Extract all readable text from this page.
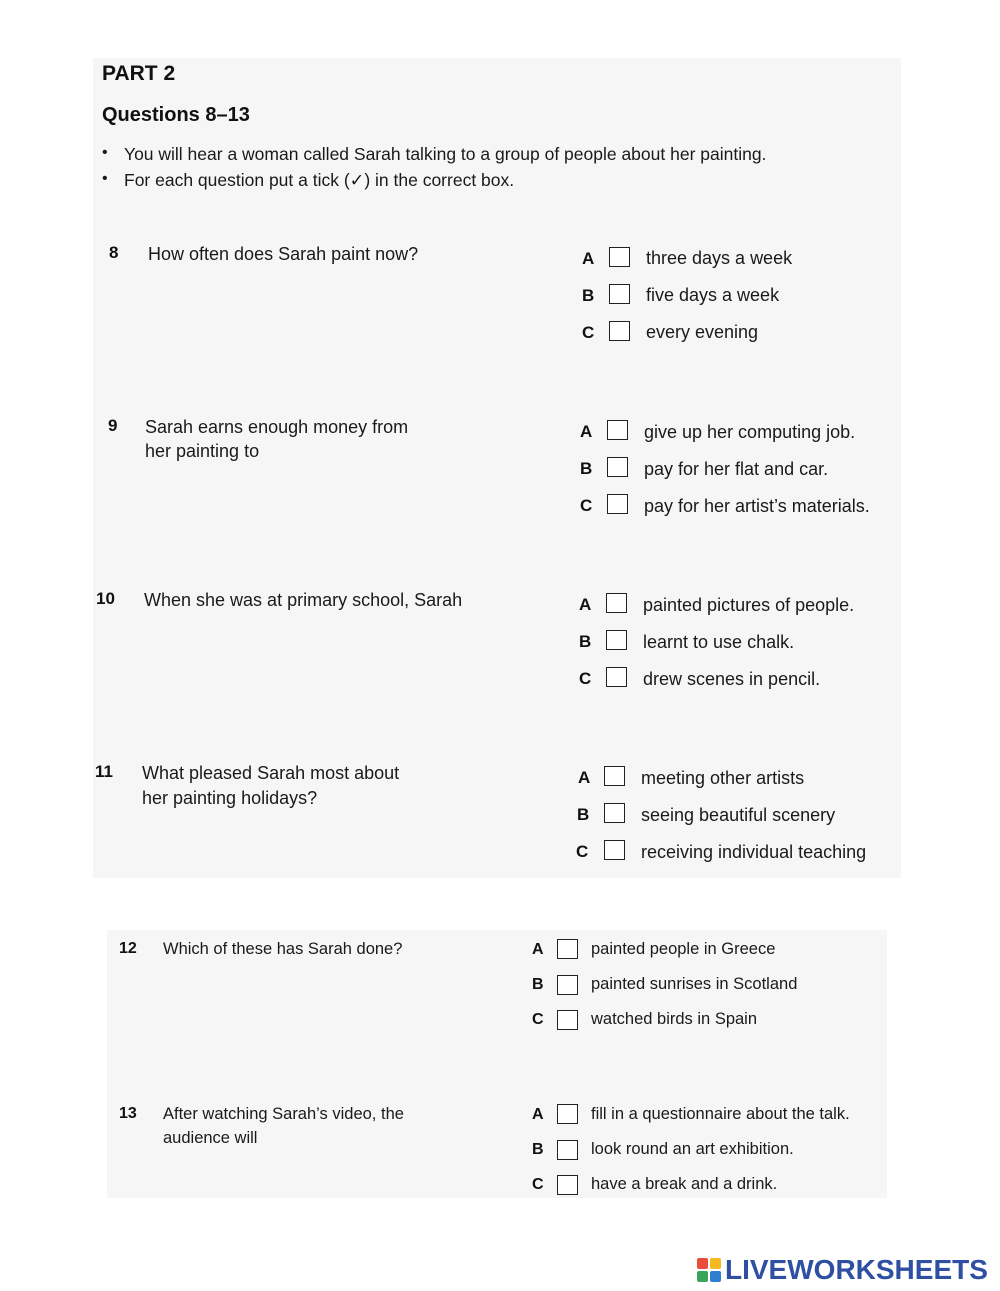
PART 2
Questions 8–13
• You will hear a woman called Sarah talking to a group of people about her painting.
• For each question put a tick (✓) in the correct box.
8 How often does Sarah paint now?	A	three days a week
B	five days a week
C	every evening
9 Sarah earns enough money from
her painting to
A	give up her computing job.
B	pay for her flat and car.
C	pay for her artist’s materials.
10 When she was at primary school, Sarah	A	painted pictures of people.
B	learnt to use chalk.
C	drew scenes in pencil.
11 What pleased Sarah most about
her painting holidays?
A	meeting other artists
B	seeing beautiful scenery
C	receiving individual teaching
12 Which of these has Sarah done?	A	painted people in Greece
B	painted sunrises in Scotland
C	watched birds in Spain
13 After watching Sarah’s video, the
audience will
A	fill in a questionnaire about the talk.
B	look round an art exhibition.
C	have a break and a drink.
LIVEWORKSHEETS
